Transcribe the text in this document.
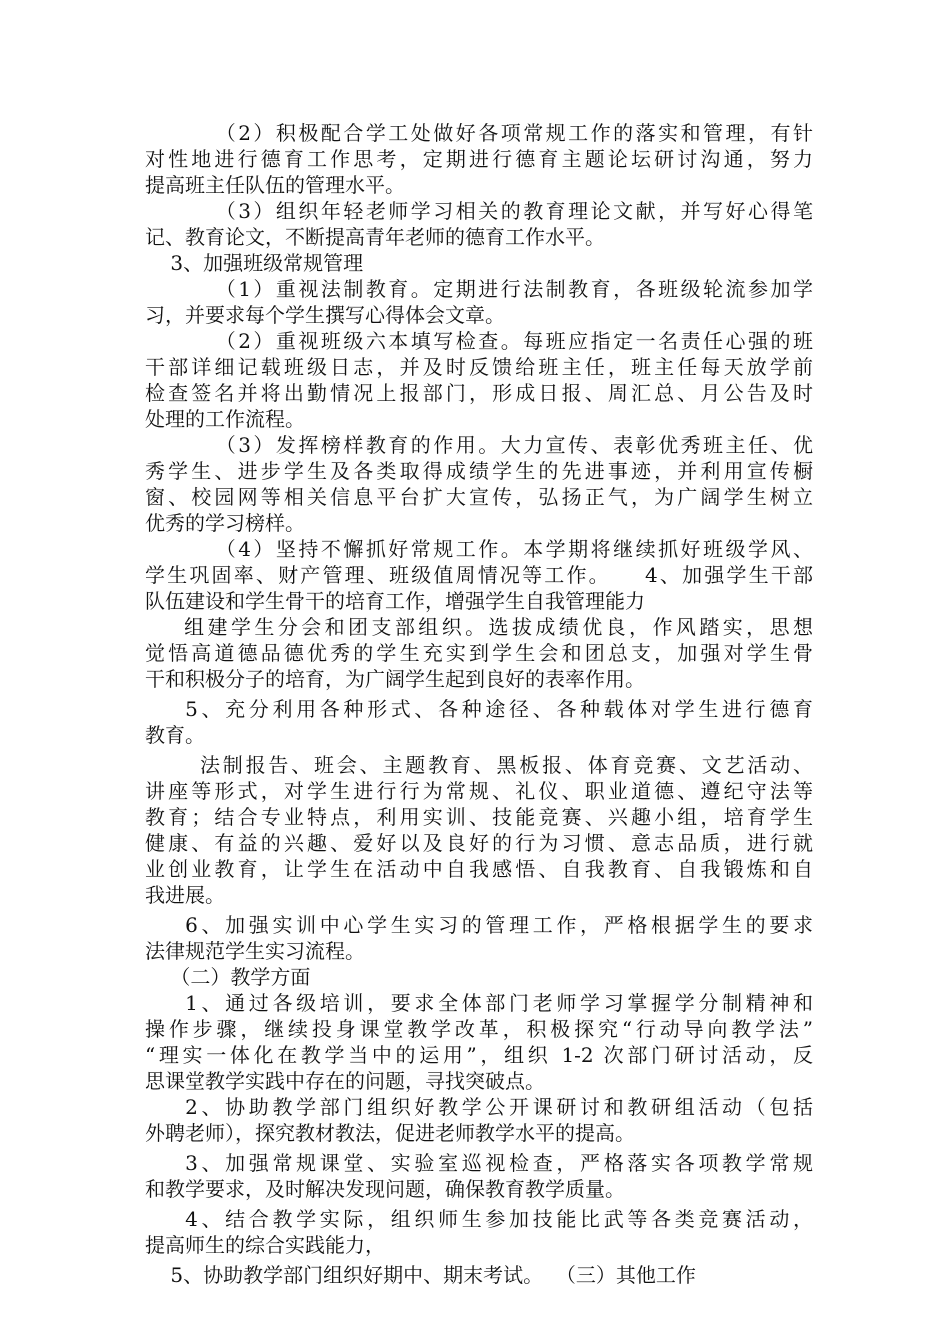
（2）积极配合学工处做好各项常规工作的落实和管理，有针
对性地进行德育工作思考，定期进行德育主题论坛研讨沟通，努力
提高班主任队伍的管理水平。
（3）组织年轻老师学习相关的教育理论文献，并写好心得笔
记、教育论文，不断提高青年老师的德育工作水平。
3、加强班级常规管理
（1）重视法制教育。定期进行法制教育，各班级轮流参加学
习，并要求每个学生撰写心得体会文章。
（2）重视班级六本填写检查。每班应指定一名责任心强的班
干部详细记载班级日志，并及时反馈给班主任，班主任每天放学前
检查签名并将出勤情况上报部门，形成日报、周汇总、月公告及时
处理的工作流程。
（3）发挥榜样教育的作用。大力宣传、表彰优秀班主任、优
秀学生、进步学生及各类取得成绩学生的先进事迹，并利用宣传橱
窗、校园网等相关信息平台扩大宣传，弘扬正气，为广阔学生树立
优秀的学习榜样。
（4）坚持不懈抓好常规工作。本学期将继续抓好班级学风、
学生巩固率、财产管理、班级值周情况等工作。    4、加强学生干部
队伍建设和学生骨干的培育工作，增强学生自我管理能力
组建学生分会和团支部组织。选拔成绩优良，作风踏实，思想
觉悟高道德品德优秀的学生充实到学生会和团总支，加强对学生骨
干和积极分子的培育，为广阔学生起到良好的表率作用。
5、充分利用各种形式、各种途径、各种载体对学生进行德育
教育。
法制报告、班会、主题教育、黑板报、体育竞赛、文艺活动、
讲座等形式，对学生进行行为常规、礼仪、职业道德、遵纪守法等
教育；结合专业特点，利用实训、技能竞赛、兴趣小组，培育学生
健康、有益的兴趣、爱好以及良好的行为习惯、意志品质，进行就
业创业教育，让学生在活动中自我感悟、自我教育、自我锻炼和自
我进展。
6、加强实训中心学生实习的管理工作，严格根据学生的要求
法律规范学生实习流程。
（二）教学方面
1、通过各级培训，要求全体部门老师学习掌握学分制精神和
操作步骤，继续投身课堂教学改革，积极探究“行动导向教学法”
“理实一体化在教学当中的运用”，组织 1-2 次部门研讨活动，反
思课堂教学实践中存在的问题，寻找突破点。
2、协助教学部门组织好教学公开课研讨和教研组活动（包括
外聘老师），探究教材教法，促进老师教学水平的提高。
3、加强常规课堂、实验室巡视检查，严格落实各项教学常规
和教学要求，及时解决发现问题，确保教育教学质量。
4、结合教学实际，组织师生参加技能比武等各类竞赛活动，
提高师生的综合实践能力，
5、协助教学部门组织好期中、期末考试。  （三）其他工作
